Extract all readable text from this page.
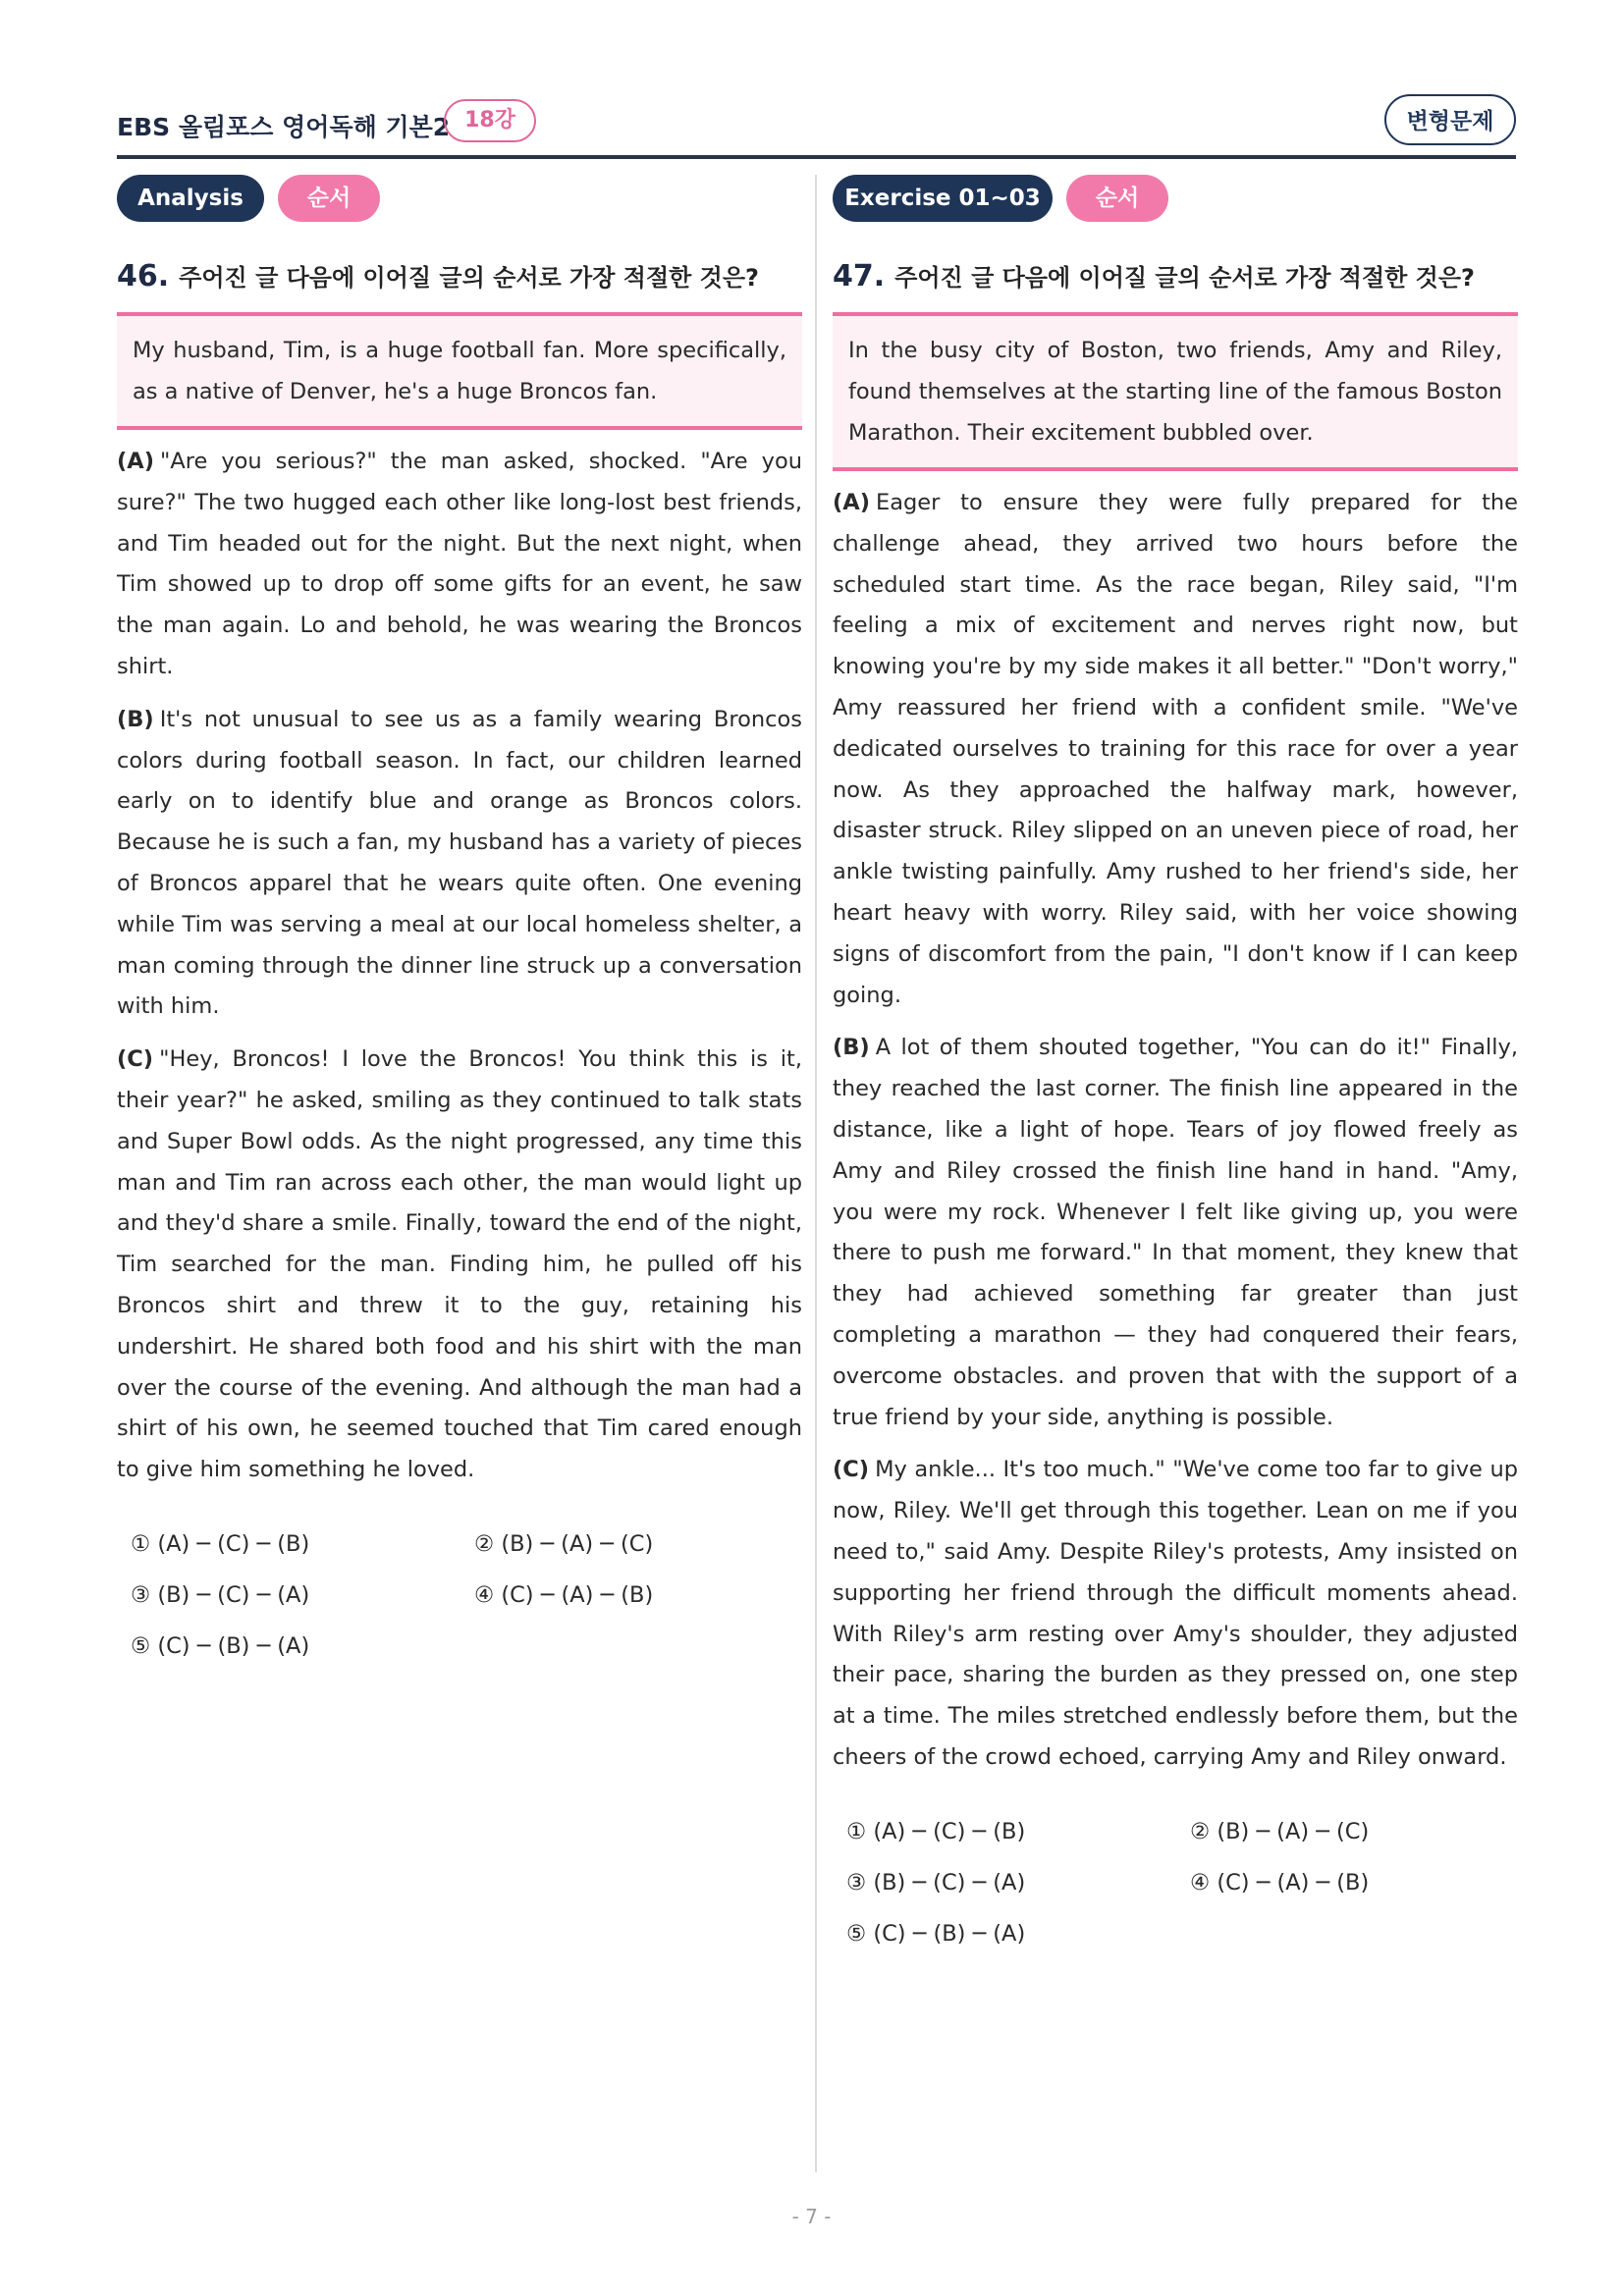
EBS 올림포스 영어독해 기본2 18강	변형문제
Analysis	순서
46. 주어진 글 다음에 이어질 글의 순서로 가장 적절한 것은?
My husband, Tim, is a huge football fan. More specifically, as a native of Denver, he's a huge Broncos fan.
(A) "Are you serious?" the man asked, shocked. "Are you sure?" The two hugged each other like long-lost best friends, and Tim headed out for the night. But the next night, when Tim showed up to drop off some gifts for an event, he saw the man again. Lo and behold, he was wearing the Broncos shirt.
(B) It's not unusual to see us as a family wearing Broncos colors during football season. In fact, our children learned early on to identify blue and orange as Broncos colors. Because he is such a fan, my husband has a variety of pieces of Broncos apparel that he wears quite often. One evening while Tim was serving a meal at our local homeless shelter, a man coming through the dinner line struck up a conversation with him.
(C) "Hey, Broncos! I love the Broncos! You think this is it, their year?" he asked, smiling as they continued to talk stats and Super Bowl odds. As the night progressed, any time this man and Tim ran across each other, the man would light up and they'd share a smile. Finally, toward the end of the night, Tim searched for the man. Finding him, he pulled off his Broncos shirt and threw it to the guy, retaining his undershirt. He shared both food and his shirt with the man over the course of the evening. And although the man had a shirt of his own, he seemed touched that Tim cared enough to give him something he loved.
① (A) ─ (C) ─ (B)	② (B) ─ (A) ─ (C)
③ (B) ─ (C) ─ (A)	④ (C) ─ (A) ─ (B)
⑤ (C) ─ (B) ─ (A)
Exercise 01~03	순서
47. 주어진 글 다음에 이어질 글의 순서로 가장 적절한 것은?
In the busy city of Boston, two friends, Amy and Riley, found themselves at the starting line of the famous Boston Marathon. Their excitement bubbled over.
(A) Eager to ensure they were fully prepared for the challenge ahead, they arrived two hours before the scheduled start time. As the race began, Riley said, "I'm feeling a mix of excitement and nerves right now, but knowing you're by my side makes it all better." "Don't worry," Amy reassured her friend with a confident smile. "We've dedicated ourselves to training for this race for over a year now. As they approached the halfway mark, however, disaster struck. Riley slipped on an uneven piece of road, her ankle twisting painfully. Amy rushed to her friend's side, her heart heavy with worry. Riley said, with her voice showing signs of discomfort from the pain, "I don't know if I can keep going.
(B) A lot of them shouted together, "You can do it!" Finally, they reached the last corner. The finish line appeared in the distance, like a light of hope. Tears of joy flowed freely as Amy and Riley crossed the finish line hand in hand. "Amy, you were my rock. Whenever I felt like giving up, you were there to push me forward." In that moment, they knew that they had achieved something far greater than just completing a marathon — they had conquered their fears, overcome obstacles. and proven that with the support of a true friend by your side, anything is possible.
(C) My ankle... It's too much." "We've come too far to give up now, Riley. We'll get through this together. Lean on me if you need to," said Amy. Despite Riley's protests, Amy insisted on supporting her friend through the difficult moments ahead. With Riley's arm resting over Amy's shoulder, they adjusted their pace, sharing the burden as they pressed on, one step at a time. The miles stretched endlessly before them, but the cheers of the crowd echoed, carrying Amy and Riley onward.
① (A) ─ (C) ─ (B)	② (B) ─ (A) ─ (C)
③ (B) ─ (C) ─ (A)	④ (C) ─ (A) ─ (B)
⑤ (C) ─ (B) ─ (A)
- 7 -
